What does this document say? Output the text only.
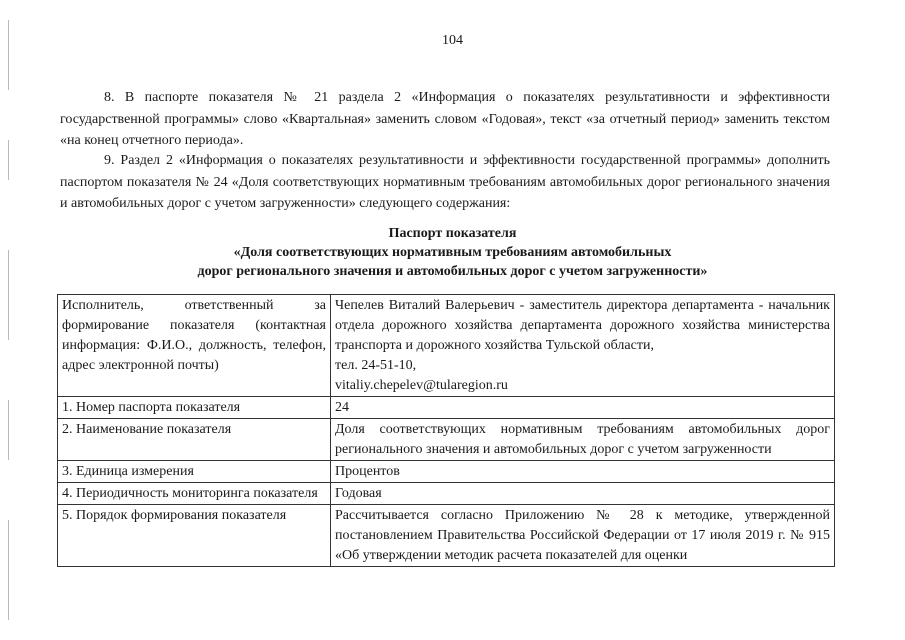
104

8. В паспорте показателя № 21 раздела 2 «Информация о показателях результативности и эффективности государственной программы» слово «Квартальная» заменить словом «Годовая», текст «за отчетный период» заменить текстом «на конец отчетного периода».

9. Раздел 2 «Информация о показателях результативности и эффективности государственной программы» дополнить паспортом показателя № 24 «Доля соответствующих нормативным требованиям автомобильных дорог регионального значения и автомобильных дорог с учетом загруженности» следующего содержания:

Паспорт показателя
«Доля соответствующих нормативным требованиям автомобильных
дорог регионального значения и автомобильных дорог с учетом загруженности»
Исполнитель, ответственный за формирование показателя (контактная информация: Ф.И.О., должность, телефон, адрес электронной почты)	Чепелев Виталий Валерьевич - заместитель директора департамента - начальник отдела дорожного хозяйства департамента дорожного хозяйства министерства транспорта и дорожного хозяйства Тульской области,
тел. 24-51-10,
vitaliy.chepelev@tularegion.ru

1. Номер паспорта показателя	24
2. Наименование показателя	Доля соответствующих нормативным требованиям автомобильных дорог регионального значения и автомобильных дорог с учетом загруженности
3. Единица измерения	Процентов
4. Периодичность мониторинга показателя	Годовая
5. Порядок формирования показателя	Рассчитывается согласно Приложению № 28 к методике, утвержденной постановлением Правительства Российской Федерации от 17 июля 2019 г. № 915 «Об утверждении методик расчета показателей для оценки
